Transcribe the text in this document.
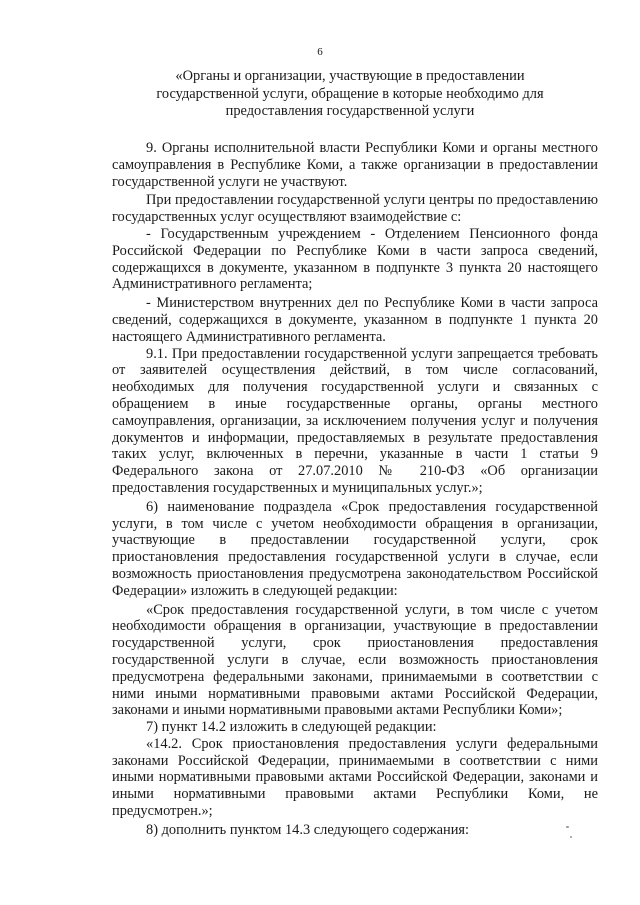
6
«Органы и организации, участвующие в предоставлении государственной услуги, обращение в которые необходимо для предоставления государственной услуги

9. Органы исполнительной власти Республики Коми и органы местного самоуправления в Республике Коми, а также организации в предоставлении государственной услуги не участвуют.

При предоставлении государственной услуги центры по предоставлению государственных услуг осуществляют взаимодействие с:

- Государственным учреждением - Отделением Пенсионного фонда Российской Федерации по Республике Коми в части запроса сведений, содержащихся в документе, указанном в подпункте 3 пункта 20 настоящего Административного регламента;

- Министерством внутренних дел по Республике Коми в части запроса сведений, содержащихся в документе, указанном в подпункте 1 пункта 20 настоящего Административного регламента.

9.1. При предоставлении государственной услуги запрещается требовать от заявителей осуществления действий, в том числе согласований, необходимых для получения государственной услуги и связанных с обращением в иные государственные органы, органы местного самоуправления, организации, за исключением получения услуг и получения документов и информации, предоставляемых в результате предоставления таких услуг, включенных в перечни, указанные в части 1 статьи 9 Федерального закона от 27.07.2010 № 210-ФЗ «Об организации предоставления государственных и муниципальных услуг.»;

6) наименование подраздела «Срок предоставления государственной услуги, в том числе с учетом необходимости обращения в организации, участвующие в предоставлении государственной услуги, срок приостановления предоставления государственной услуги в случае, если возможность приостановления предусмотрена законодательством Российской Федерации» изложить в следующей редакции:

«Срок предоставления государственной услуги, в том числе с учетом необходимости обращения в организации, участвующие в предоставлении государственной услуги, срок приостановления предоставления государственной услуги в случае, если возможность приостановления предусмотрена федеральными законами, принимаемыми в соответствии с ними иными нормативными правовыми актами Российской Федерации, законами и иными нормативными правовыми актами Республики Коми»;

7) пункт 14.2 изложить в следующей редакции:

«14.2. Срок приостановления предоставления услуги федеральными законами Российской Федерации, принимаемыми в соответствии с ними иными нормативными правовыми актами Российской Федерации, законами и иными нормативными правовыми актами Республики Коми, не предусмотрен.»;

8) дополнить пунктом 14.3 следующего содержания:
